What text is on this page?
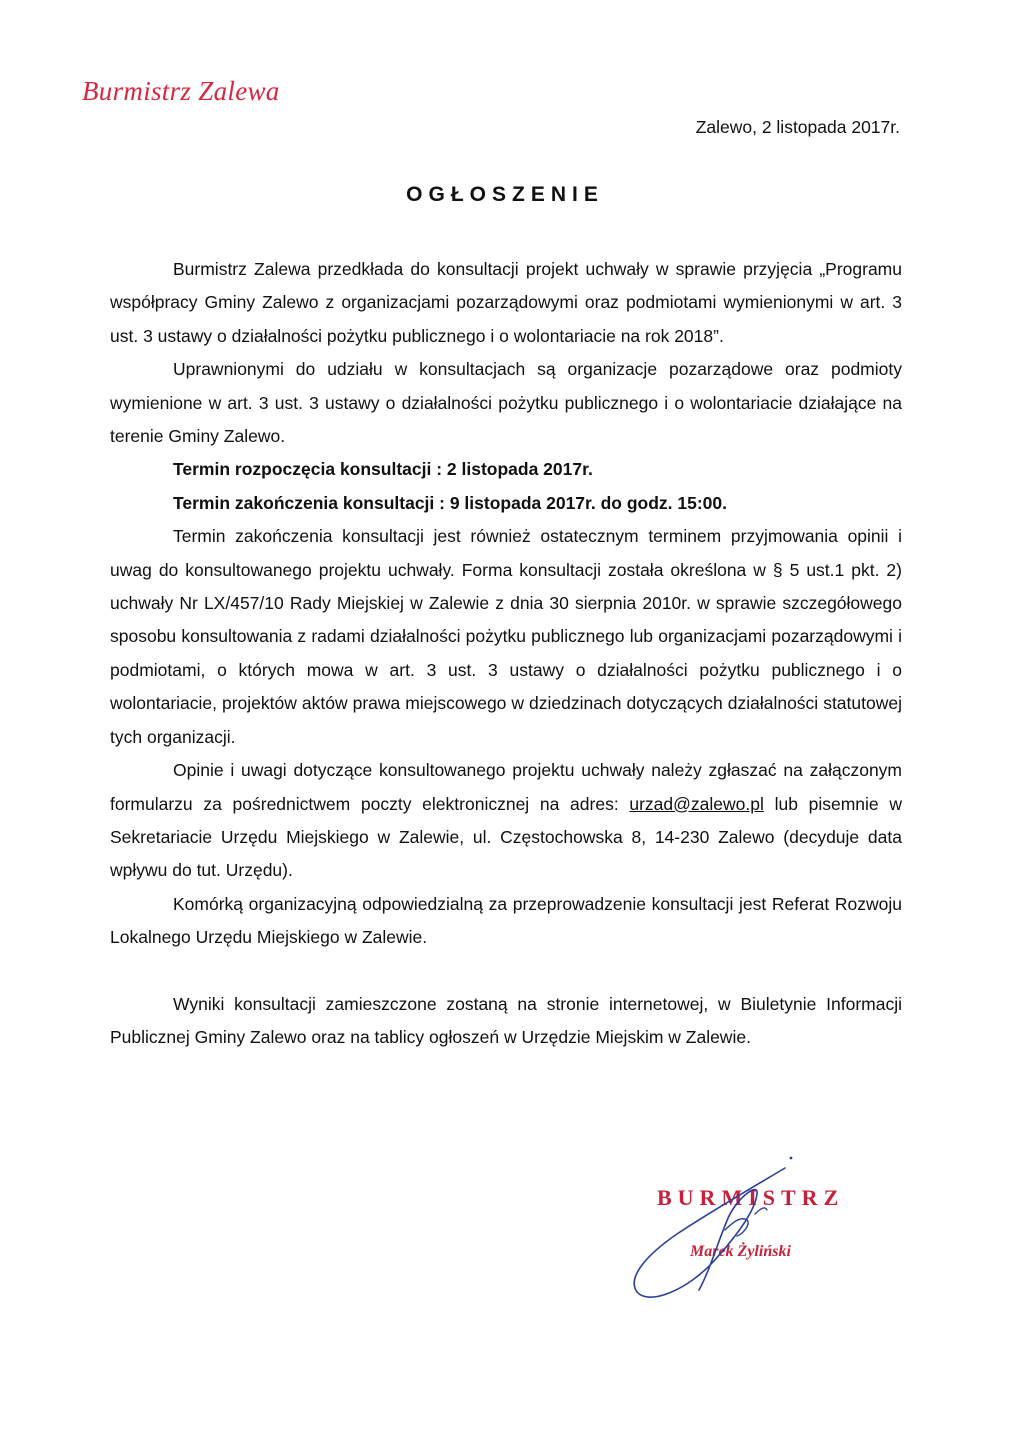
Burmistrz Zalewa
Zalewo, 2 listopada 2017r.
OGŁOSZENIE

Burmistrz Zalewa przedkłada do konsultacji projekt uchwały w sprawie przyjęcia „Programu współpracy Gminy Zalewo z organizacjami pozarządowymi oraz podmiotami wymienionymi w art. 3 ust. 3 ustawy o działalności pożytku publicznego i o wolontariacie na rok 2018”.

Uprawnionymi do udziału w konsultacjach są organizacje pozarządowe oraz podmioty wymienione w art. 3 ust. 3 ustawy o działalności pożytku publicznego i o wolontariacie działające na terenie Gminy Zalewo.

Termin rozpoczęcia konsultacji : 2 listopada 2017r.

Termin zakończenia konsultacji : 9 listopada 2017r. do godz. 15:00.

Termin zakończenia konsultacji jest również ostatecznym terminem przyjmowania opinii i uwag do konsultowanego projektu uchwały. Forma konsultacji została określona w § 5 ust.1 pkt. 2) uchwały Nr LX/457/10 Rady Miejskiej w Zalewie z dnia 30 sierpnia 2010r. w sprawie szczegółowego sposobu konsultowania z radami działalności pożytku publicznego lub organizacjami pozarządowymi i podmiotami, o których mowa w art. 3 ust. 3 ustawy o działalności pożytku publicznego i o wolontariacie, projektów aktów prawa miejscowego w dziedzinach dotyczących działalności statutowej tych organizacji.

Opinie i uwagi dotyczące konsultowanego projektu uchwały należy zgłaszać na załączonym formularzu za pośrednictwem poczty elektronicznej na adres: urzad@zalewo.pl lub pisemnie w Sekretariacie Urzędu Miejskiego w Zalewie, ul. Częstochowska 8, 14-230 Zalewo (decyduje data wpływu do tut. Urzędu).

Komórką organizacyjną odpowiedzialną za przeprowadzenie konsultacji jest Referat Rozwoju Lokalnego Urzędu Miejskiego w Zalewie.

Wyniki konsultacji zamieszczone zostaną na stronie internetowej, w Biuletynie Informacji Publicznej Gminy Zalewo oraz na tablicy ogłoszeń w Urzędzie Miejskim w Zalewie.

BURMISTRZ
Marek Żyliński
